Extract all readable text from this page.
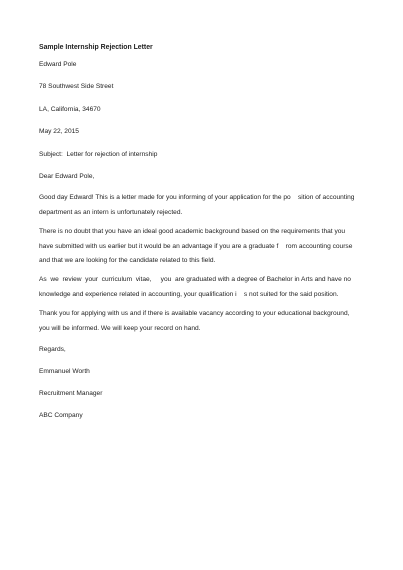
Sample Internship Rejection Letter
Edward Pole
78 Southwest Side Street
LA, California, 34670
May 22, 2015
Subject:  Letter for rejection of internship
Dear Edward Pole,
Good day Edward! This is a letter made for you informing of your application for the po    sition of accounting
department as an intern is unfortunately rejected.
There is no doubt that you have an ideal good academic background based on the requirements that you
have submitted with us earlier but it would be an advantage if you are a graduate f    rom accounting course
and that we are looking for the candidate related to this field.
As  we  review  your  curriculum  vitae,     you  are graduated with a degree of Bachelor in Arts and have no
knowledge and experience related in accounting, your qualification i    s not suited for the said position.
Thank you for applying with us and if there is available vacancy according to your educational background,
you will be informed. We will keep your record on hand.
Regards,
Emmanuel Worth
Recruitment Manager
ABC Company
